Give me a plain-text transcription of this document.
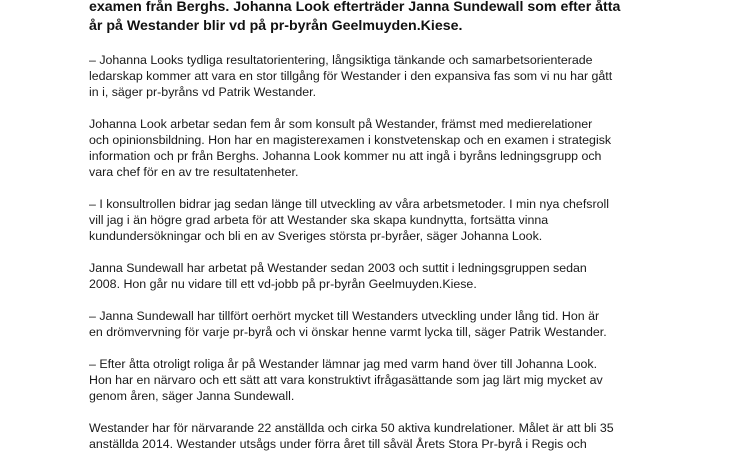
examen från Berghs. Johanna Look efterträder Janna Sundewall som efter åtta
år på Westander blir vd på pr-byrån Geelmuyden.Kiese.
– Johanna Looks tydliga resultatorientering, långsiktiga tänkande och samarbetsorienterade
ledarskap kommer att vara en stor tillgång för Westander i den expansiva fas som vi nu har gått
in i, säger pr-byråns vd Patrik Westander.
Johanna Look arbetar sedan fem år som konsult på Westander, främst med medierelationer
och opinionsbildning. Hon har en magisterexamen i konstvetenskap och en examen i strategisk
information och pr från Berghs. Johanna Look kommer nu att ingå i byråns ledningsgrupp och
vara chef för en av tre resultatenheter.
– I konsultrollen bidrar jag sedan länge till utveckling av våra arbetsmetoder. I min nya chefsroll
vill jag i än högre grad arbeta för att Westander ska skapa kundnytta, fortsätta vinna
kundundersökningar och bli en av Sveriges största pr-byråer, säger Johanna Look.
Janna Sundewall har arbetat på Westander sedan 2003 och suttit i ledningsgruppen sedan
2008. Hon går nu vidare till ett vd-jobb på pr-byrån Geelmuyden.Kiese.
– Janna Sundewall har tillfört oerhört mycket till Westanders utveckling under lång tid. Hon är
en drömvervning för varje pr-byrå och vi önskar henne varmt lycka till, säger Patrik Westander.
– Efter åtta otroligt roliga år på Westander lämnar jag med varm hand över till Johanna Look.
Hon har en närvaro och ett sätt att vara konstruktivt ifrågasättande som jag lärt mig mycket av
genom åren, säger Janna Sundewall.
Westander har för närvarande 22 anställda och cirka 50 aktiva kundrelationer. Målet är att bli 35
anställda 2014. Westander utsågs under förra året till såväl Årets Stora Pr-byrå i Regis och
